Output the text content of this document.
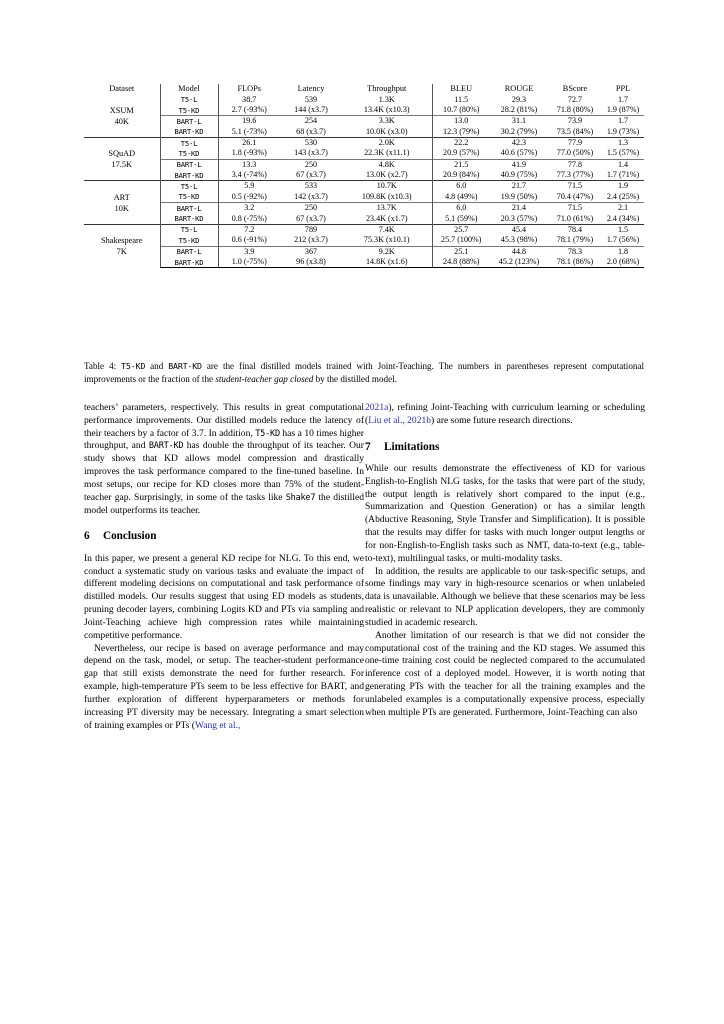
Dataset	Model	FLOPs	Latency	Throughput	BLEU	ROUGE	BScore	PPL

XSUM
40K	T5-L	38.7	539	1.3K	11.5	29.3	72.7	1.7
	T5-KD	2.7 (-93%)	144 (x3.7)	13.4K (x10.3)	10.7 (80%)	28.2 (81%)	71.8 (80%)	1.9 (87%)
	BART-L	19.6	254	3.3K	13.0	31.1	73.9	1.7
	BART-KD	5.1 (-73%)	68 (x3.7)	10.0K (x3.0)	12.3 (79%)	30.2 (79%)	73.5 (84%)	1.9 (73%)

SQuAD
17.5K	T5-L	26.1	530	2.0K	22.2	42.3	77.9	1.3
	T5-KD	1.8 (-93%)	143 (x3.7)	22.3K (x11.1)	20.9 (57%)	40.6 (57%)	77.0 (50%)	1.5 (57%)
	BART-L	13.3	250	4.8K	21.5	41.9	77.8	1.4
	BART-KD	3.4 (-74%)	67 (x3.7)	13.0K (x2.7)	20.9 (84%)	40.9 (75%)	77.3 (77%)	1.7 (71%)

ART
10K	T5-L	5.9	533	10.7K	6.0	21.7	71.5	1.9
	T5-KD	0.5 (-92%)	142 (x3.7)	109.8K (x10.3)	4.8 (49%)	19.9 (50%)	70.4 (47%)	2.4 (25%)
	BART-L	3.2	250	13.7K	6.0	21.4	71.5	2.1
	BART-KD	0.8 (-75%)	67 (x3.7)	23.4K (x1.7)	5.1 (59%)	20.3 (57%)	71.0 (61%)	2.4 (34%)

Shakespeare
7K	T5-L	7.2	789	7.4K	25.7	45.4	78.4	1.5
	T5-KD	0.6 (-91%)	212 (x3.7)	75.3K (x10.1)	25.7 (100%)	45.3 (98%)	78.1 (79%)	1.7 (56%)
	BART-L	3.9	367	9.2K	25.1	44.8	78.3	1.8
	BART-KD	1.0 (-75%)	96 (x3.8)	14.8K (x1.6)	24.8 (88%)	45.2 (123%)	78.1 (86%)	2.0 (68%)
Table 4: T5-KD and BART-KD are the final distilled models trained with Joint-Teaching. The numbers in parentheses represent computational improvements or the fraction of the student-teacher gap closed by the distilled model.

teachers’ parameters, respectively. This results in great computational performance improvements. Our distilled models reduce the latency of their teachers by a factor of 3.7. In addition, T5-KD has a 10 times higher throughput, and BART-KD has double the throughput of its teacher. Our study shows that KD allows model compression and drastically improves the task performance compared to the fine-tuned baseline. In most setups, our recipe for KD closes more than 75% of the student-teacher gap. Surprisingly, in some of the tasks like Shake7 the distilled model outperforms its teacher.

6 Conclusion

In this paper, we present a general KD recipe for NLG. To this end, we conduct a systematic study on various tasks and evaluate the impact of different modeling decisions on computational and task performance of distilled models. Our results suggest that using ED models as students, pruning decoder layers, combining Logits KD and PTs via sampling and Joint-Teaching achieve high compression rates while maintaining competitive performance.

Nevertheless, our recipe is based on average performance and may depend on the task, model, or setup. The teacher-student performance gap that still exists demonstrate the need for further research. For example, high-temperature PTs seem to be less effective for BART, and further exploration of different hyperparameters or methods for increasing PT diversity may be necessary. Integrating a smart selection of training examples or PTs (Wang et al.,

2021a), refining Joint-Teaching with curriculum learning or scheduling (Liu et al., 2021b) are some future research directions.

7 Limitations

While our results demonstrate the effectiveness of KD for various English-to-English NLG tasks, for the tasks that were part of the study, the output length is relatively short compared to the input (e.g., Summarization and Question Generation) or has a similar length (Abductive Reasoning, Style Transfer and Simplification). It is possible that the results may differ for tasks with much longer output lengths or for non-English-to-English tasks such as NMT, data-to-text (e.g., table-to-text), multilingual tasks, or multi-modality tasks.

In addition, the results are applicable to our task-specific setups, and some findings may vary in high-resource scenarios or when unlabeled data is unavailable. Although we believe that these scenarios may be less realistic or relevant to NLP application developers, they are commonly studied in academic research.

Another limitation of our research is that we did not consider the computational cost of the training and the KD stages. We assumed this one-time training cost could be neglected compared to the accumulated inference cost of a deployed model. However, it is worth noting that generating PTs with the teacher for all the training examples and the unlabeled examples is a computationally expensive process, especially when multiple PTs are generated. Furthermore, Joint-Teaching can also
